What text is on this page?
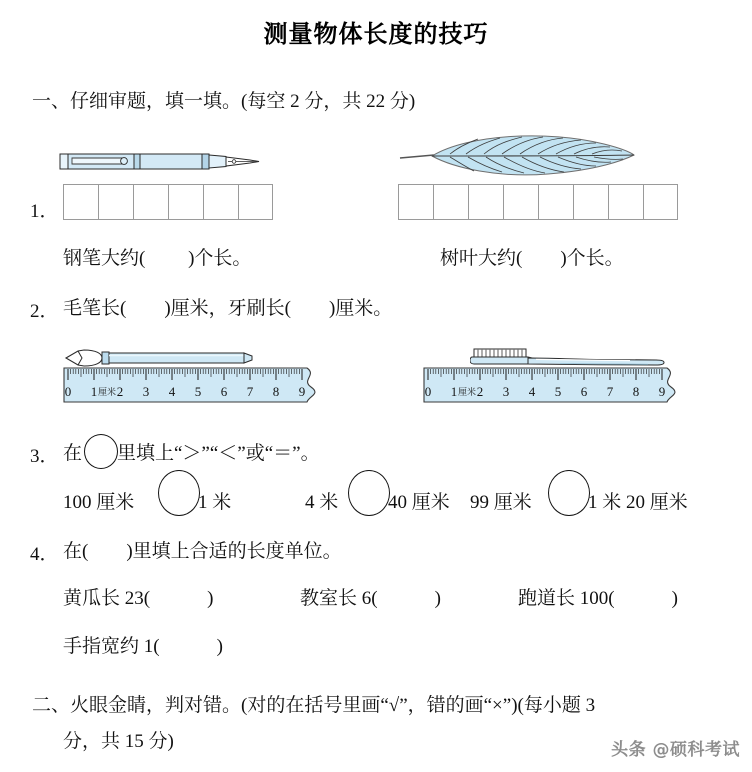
测量物体长度的技巧
一、仔细审题，填一填。(每空 2 分，共 22 分)
1．
钢笔大约(         )个长。	树叶大约(        )个长。
2． 毛笔长(        )厘米，牙刷长(        )厘米。
0 1 2 3 4 5 6 7 8 9
厘米	0 1 2 3 4 5 6 7 8 9
厘米
3． 在 里填上“＞”“＜”或“＝”。
100 厘米	1 米	4 米	40 厘米 99 厘米	1 米 20 厘米
4． 在(        )里填上合适的长度单位。
黄瓜长 23(            )	教室长 6(            )	跑道长 100(            )
手指宽约 1(            )
二、火眼金睛，判对错。(对的在括号里画“√”，错的画“×”)(每小题 3
分，共 15 分)	头条 @硕科考试
